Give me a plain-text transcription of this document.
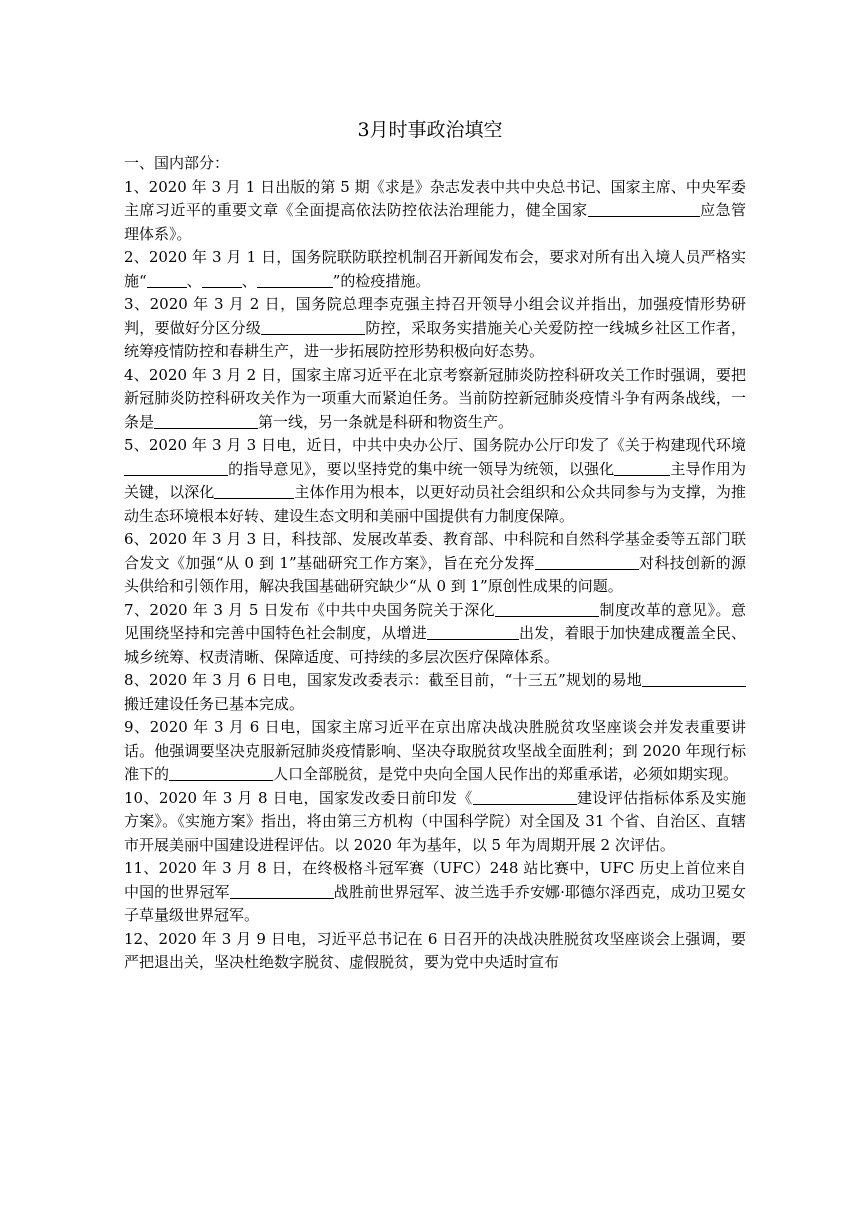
3月时事政治填空

一、国内部分：

1、2020 年 3 月 1 日出版的第 5 期《求是》杂志发表中共中央总书记、国家主席、中央军委主席习近平的重要文章《全面提高依法防控依法治理能力，健全国家	应急管理体系》。

2、2020 年 3 月 1 日，国务院联防联控机制召开新闻发布会，要求对所有出入境人员严格实施“	、	、	”的检疫措施。

3、2020 年 3 月 2 日，国务院总理李克强主持召开领导小组会议并指出，加强疫情形势研判，要做好分区分级	防控，采取务实措施关心关爱防控一线城乡社区工作者，统筹疫情防控和春耕生产，进一步拓展防控形势积极向好态势。

4、2020 年 3 月 2 日，国家主席习近平在北京考察新冠肺炎防控科研攻关工作时强调，要把新冠肺炎防控科研攻关作为一项重大而紧迫任务。当前防控新冠肺炎疫情斗争有两条战线，一条是	第一线，另一条就是科研和物资生产。

5、2020 年 3 月 3 日电，近日，中共中央办公厅、国务院办公厅印发了《关于构建现代环境的指导意见》，要以坚持党的集中统一领导为统领，以强化	主导作用为关键，以深化	主体作用为根本，以更好动员社会组织和公众共同参与为支撑，为推动生态环境根本好转、建设生态文明和美丽中国提供有力制度保障。

6、2020 年 3 月 3 日，科技部、发展改革委、教育部、中科院和自然科学基金委等五部门联合发文《加强“从 0 到 1”基础研究工作方案》，旨在充分发挥	对科技创新的源头供给和引领作用，解决我国基础研究缺少“从 0 到 1”原创性成果的问题。

7、2020 年 3 月 5 日发布《中共中央国务院关于深化	制度改革的意见》。意见围绕坚持和完善中国特色社会制度，从增进	出发，着眼于加快建成覆盖全民、城乡统筹、权责清晰、保障适度、可持续的多层次医疗保障体系。

8、2020 年 3 月 6 日电，国家发改委表示：截至目前，“十三五”规划的易地搬迁建设任务已基本完成。

9、2020 年 3 月 6 日电，国家主席习近平在京出席决战决胜脱贫攻坚座谈会并发表重要讲话。他强调要坚决克服新冠肺炎疫情影响、坚决夺取脱贫攻坚战全面胜利；到 2020 年现行标准下的	人口全部脱贫，是党中央向全国人民作出的郑重承诺，必须如期实现。

10、2020 年 3 月 8 日电，国家发改委日前印发《	建设评估指标体系及实施方案》。《实施方案》指出，将由第三方机构（中国科学院）对全国及 31 个省、自治区、直辖市开展美丽中国建设进程评估。以 2020 年为基年，以 5 年为周期开展 2 次评估。

11、2020 年 3 月 8 日，在终极格斗冠军赛（UFC）248 站比赛中，UFC 历史上首位来自中国的世界冠军	战胜前世界冠军、波兰选手乔安娜·耶德尔泽西克，成功卫冕女子草量级世界冠军。

12、2020 年 3 月 9 日电，习近平总书记在 6 日召开的决战决胜脱贫攻坚座谈会上强调，要严把退出关，坚决杜绝数字脱贫、虚假脱贫，要为党中央适时宣布
